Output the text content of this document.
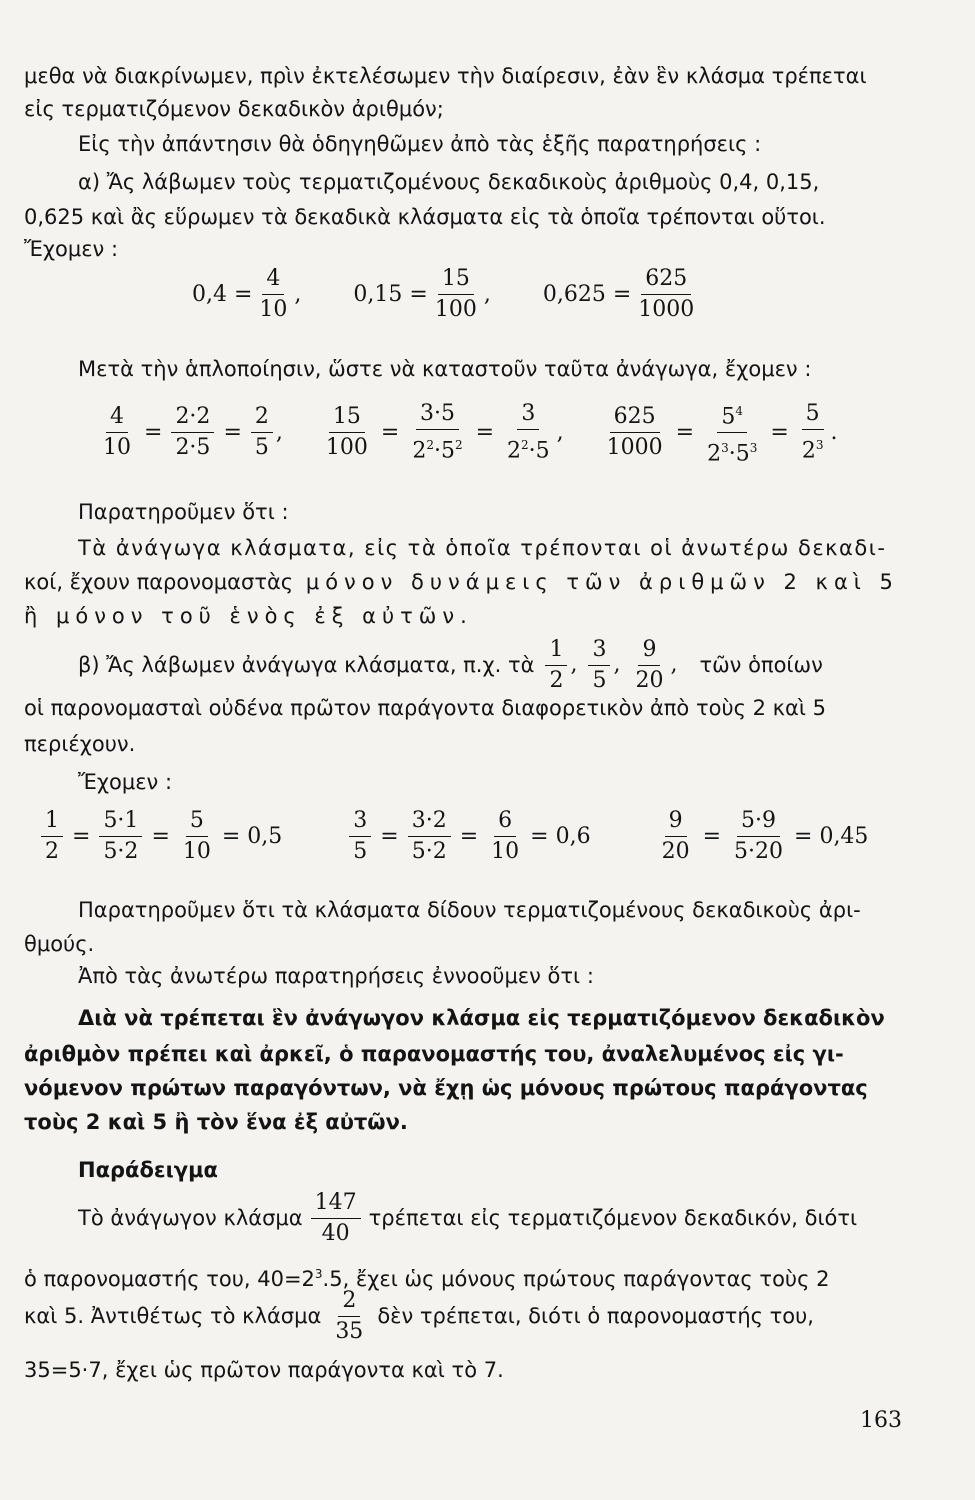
μεθα νὰ διακρίνωμεν, πρὶν ἐκτελέσωμεν τὴν διαίρεσιν, ἐὰν ἓν κλάσμα τρέπεται
εἰς τερματιζόμενον δεκαδικὸν ἀριθμόν;
Εἰς τὴν ἀπάντησιν θὰ ὁδηγηθῶμεν ἀπὸ τὰς ἑξῆς παρατηρήσεις :
α) Ἄς λάβωμεν τοὺς τερματιζομένους δεκαδικοὺς ἀριθμοὺς 0,4, 0,15,
0,625 καὶ ἂς εὕρωμεν τὰ δεκαδικὰ κλάσματα εἰς τὰ ὁποῖα τρέπονται οὕτοι.
Ἔχομεν :
$0,4 = \frac{4}{10}$ , $0,15 = \frac{15}{100}$ , $0,625 = \frac{625}{1000}$
Μετὰ τὴν ἁπλοποίησιν, ὥστε νὰ καταστοῦν ταῦτα ἀνάγωγα, ἔχομεν :
$\frac{4}{10} = \frac{2\cdot 2}{2\cdot 5} = \frac{2}{5}$ , $\frac{15}{100} = \frac{3\cdot 5}{2^2\cdot 5^2} = \frac{3}{2^2\cdot 5}$ , $\frac{625}{1000} = \frac{5^4}{2^3\cdot 5^3} = \frac{5}{2^3}$ .
Παρατηροῦμεν ὅτι :
Τὰ ἀνάγωγα κλάσματα, εἰς τὰ ὁποῖα τρέπονται οἱ ἀνωτέρω δεκαδι-
κοί, ἔχουν παρονομαστὰς μόνον δυνάμεις τῶν ἀριθμῶν 2 καὶ 5
ἢ μόνον τοῦ ἑνὸς ἐξ αὐτῶν.
β) Ἄς λάβωμεν ἀνάγωγα κλάσματα, π.χ. τὰ $\frac{1}{2}$ , $\frac{3}{5}$ , $\frac{9}{20}$ , τῶν ὁποίων
οἱ παρονομασταὶ οὐδένα πρῶτον παράγοντα διαφορετικὸν ἀπὸ τοὺς 2 καὶ 5
περιέχουν.
Ἔχομεν :
$\frac{1}{2} = \frac{5\cdot 1}{5\cdot 2} = \frac{5}{10} = 0,5$	$\frac{3}{5} = \frac{3\cdot 2}{5\cdot 2} = \frac{6}{10} = 0,6$	$\frac{9}{20} = \frac{5\cdot 9}{5\cdot 20} = 0,45$
Παρατηροῦμεν ὅτι τὰ κλάσματα δίδουν τερματιζομένους δεκαδικοὺς ἀρι-
θμούς.
Ἀπὸ τὰς ἀνωτέρω παρατηρήσεις ἐννοοῦμεν ὅτι :
Διὰ νὰ τρέπεται ἓν ἀνάγωγον κλάσμα εἰς τερματιζόμενον δεκαδικὸν
ἀριθμὸν πρέπει καὶ ἀρκεῖ, ὁ παρανομαστής του, ἀναλελυμένος εἰς γι-
νόμενον πρώτων παραγόντων, νὰ ἔχῃ ὡς μόνους πρώτους παράγοντας
τοὺς 2 καὶ 5 ἢ τὸν ἕνα ἐξ αὐτῶν.
Παράδειγμα
Τὸ ἀνάγωγον κλάσμα $\frac{147}{40}$ τρέπεται εἰς τερματιζόμενον δεκαδικόν, διότι
ὁ παρονομαστής του, $40=2^3.5$, ἔχει ὡς μόνους πρώτους παράγοντας τοὺς 2
καὶ 5. Ἀντιθέτως τὸ κλάσμα $\frac{2}{35}$ δὲν τρέπεται, διότι ὁ παρονομαστής του,
35=5·7, ἔχει ὡς πρῶτον παράγοντα καὶ τὸ 7.
163
